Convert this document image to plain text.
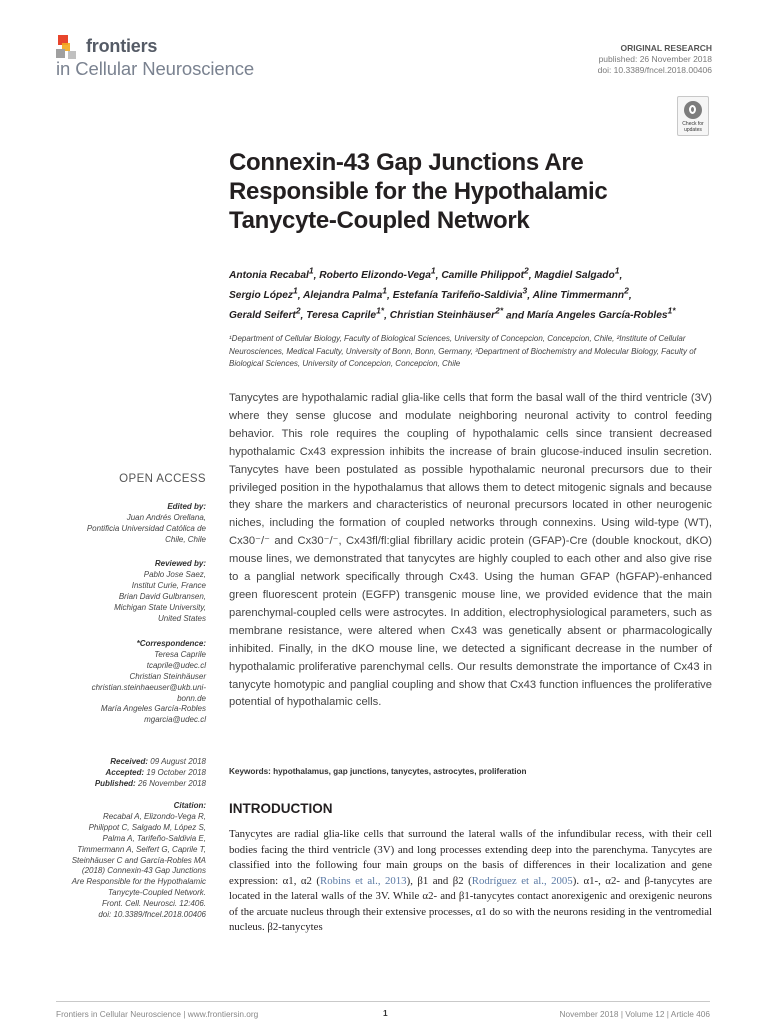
frontiers
in Cellular Neuroscience
ORIGINAL RESEARCH
published: 26 November 2018
doi: 10.3389/fncel.2018.00406
Check for
updates
Connexin-43 Gap Junctions Are
Responsible for the Hypothalamic
Tanycyte-Coupled Network
Antonia Recabal$^1$, Roberto Elizondo-Vega$^1$, Camille Philippot$^2$, Magdiel Salgado$^1$,
Sergio López$^1$, Alejandra Palma$^1$, Estefanía Tarifeño-Saldivia$^3$, Aline Timmermann$^2$,
Gerald Seifert$^2$, Teresa Caprile$^{1*}$, Christian Steinhäuser$^{2*}$ and María Angeles García-Robles$^{1*}$
¹Department of Cellular Biology, Faculty of Biological Sciences, University of Concepcion, Concepcion, Chile, ²Institute of Cellular Neurosciences, Medical Faculty, University of Bonn, Bonn, Germany, ³Department of Biochemistry and Molecular Biology, Faculty of Biological Sciences, University of Concepcion, Concepcion, Chile
OPEN ACCESS
Edited by:
Juan Andrés Orellana,
Pontificia Universidad Católica de
Chile, Chile
Reviewed by:
Pablo Jose Saez,
Institut Curie, France
Brian David Gulbransen,
Michigan State University,
United States
*Correspondence:
Teresa Caprile
tcaprile@udec.cl
Christian Steinhäuser
christian.steinhaeuser@ukb.uni-
bonn.de
María Angeles García-Robles
mgarcia@udec.cl
Received: 09 August 2018
Accepted: 19 October 2018
Published: 26 November 2018
Citation:
Recabal A, Elizondo-Vega R,
Philippot C, Salgado M, López S,
Palma A, Tarifeño-Saldivia E,
Timmermann A, Seifert G, Caprile T,
Steinhäuser C and García-Robles MA
(2018) Connexin-43 Gap Junctions
Are Responsible for the Hypothalamic
Tanycyte-Coupled Network.
Front. Cell. Neurosci. 12:406.
doi: 10.3389/fncel.2018.00406
Tanycytes are hypothalamic radial glia-like cells that form the basal wall of the third ventricle (3V) where they sense glucose and modulate neighboring neuronal activity to control feeding behavior. This role requires the coupling of hypothalamic cells since transient decreased hypothalamic Cx43 expression inhibits the increase of brain glucose-induced insulin secretion. Tanycytes have been postulated as possible hypothalamic neuronal precursors due to their privileged position in the hypothalamus that allows them to detect mitogenic signals and because they share the markers and characteristics of neuronal precursors located in other neurogenic niches, including the formation of coupled networks through connexins. Using wild-type (WT), Cx30⁻/⁻ and Cx30⁻/⁻, Cx43fl/fl:glial fibrillary acidic protein (GFAP)-Cre (double knockout, dKO) mouse lines, we demonstrated that tanycytes are highly coupled to each other and also give rise to a panglial network specifically through Cx43. Using the human GFAP (hGFAP)-enhanced green fluorescent protein (EGFP) transgenic mouse line, we provided evidence that the main parenchymal-coupled cells were astrocytes. In addition, electrophysiological parameters, such as membrane resistance, were altered when Cx43 was genetically absent or pharmacologically inhibited. Finally, in the dKO mouse line, we detected a significant decrease in the number of hypothalamic proliferative parenchymal cells. Our results demonstrate the importance of Cx43 in tanycyte homotypic and panglial coupling and show that Cx43 function influences the proliferative potential of hypothalamic cells.
Keywords: hypothalamus, gap junctions, tanycytes, astrocytes, proliferation
INTRODUCTION
Tanycytes are radial glia-like cells that surround the lateral walls of the infundibular recess, with their cell bodies facing the third ventricle (3V) and long processes extending deep into the parenchyma. Tanycytes are classified into the following four main groups on the basis of differences in their localization and gene expression: α1, α2 (Robins et al., 2013), β1 and β2 (Rodríguez et al., 2005). α1-, α2- and β-tanycytes are located in the lateral walls of the 3V. While α2- and β1-tanycytes contact anorexigenic and orexigenic neurons of the arcuate nucleus through their extensive processes, α1 do so with the neurons residing in the ventromedial nucleus. β2-tanycytes
Frontiers in Cellular Neuroscience | www.frontiersin.org	1	November 2018 | Volume 12 | Article 406
